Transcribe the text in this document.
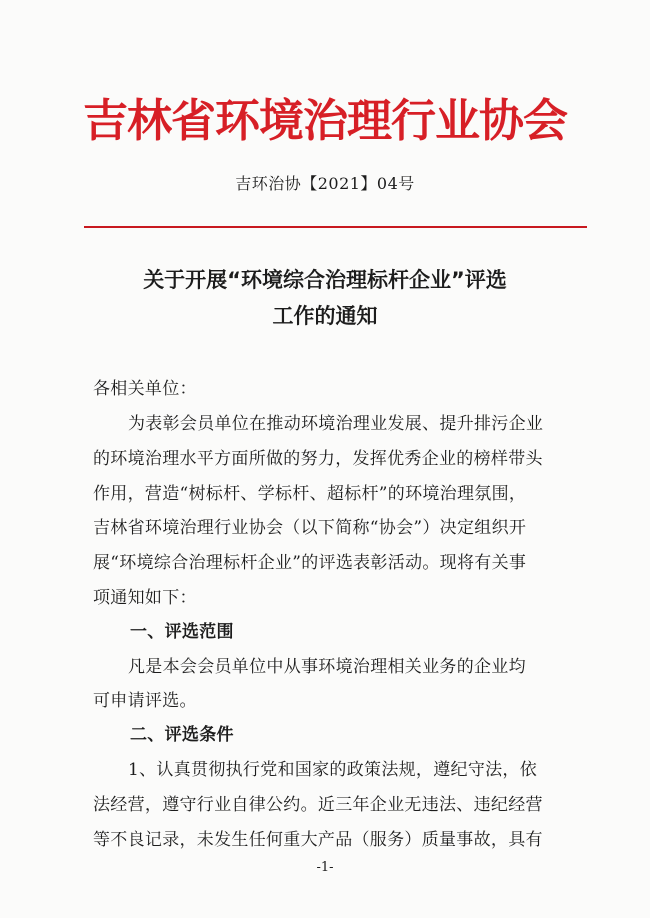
吉林省环境治理行业协会
吉环治协【2021】04号
关于开展“环境综合治理标杆企业”评选
工作的通知
各相关单位：
为表彰会员单位在推动环境治理业发展、提升排污企业
的环境治理水平方面所做的努力，发挥优秀企业的榜样带头
作用，营造“树标杆、学标杆、超标杆”的环境治理氛围，
吉林省环境治理行业协会（以下简称“协会”）决定组织开
展“环境综合治理标杆企业”的评选表彰活动。现将有关事
项通知如下：
一、评选范围
凡是本会会员单位中从事环境治理相关业务的企业均
可申请评选。
二、评选条件
1、认真贯彻执行党和国家的政策法规，遵纪守法，依
法经营，遵守行业自律公约。近三年企业无违法、违纪经营
等不良记录，未发生任何重大产品（服务）质量事故，具有
-1-
